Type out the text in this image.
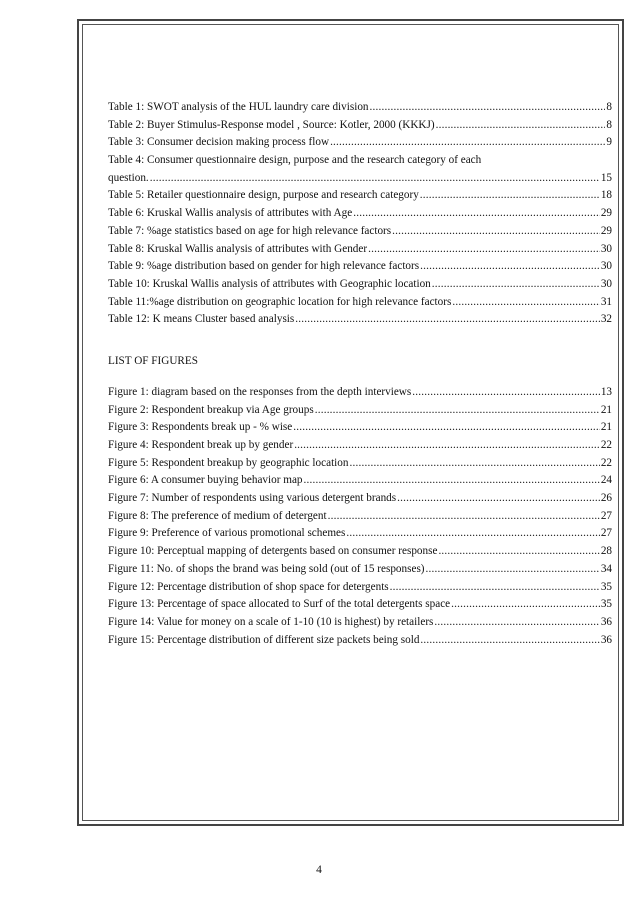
Table 1: SWOT analysis of the HUL laundry care division .....	8
Table 2: Buyer Stimulus-Response model , Source: Kotler, 2000 (KKKJ) .....	8
Table 3: Consumer decision making process flow .....	9
Table 4: Consumer questionnaire design, purpose and the research category of each
question. .....	15
Table 5: Retailer questionnaire design, purpose and research category .....	18
Table 6: Kruskal Wallis analysis of attributes with Age .....	29
Table 7: %age statistics based on age for high relevance factors .....	29
Table 8: Kruskal Wallis analysis of attributes with Gender .....	30
Table 9: %age distribution based on gender for high relevance factors .....	30
Table 10: Kruskal Wallis analysis of attributes with Geographic location .....	30
Table 11:%age distribution on geographic location for high relevance factors .....	31
Table 12: K means Cluster based analysis .....	32
LIST OF FIGURES
Figure 1: diagram based on the responses from the depth interviews .....	13
Figure 2: Respondent breakup via Age groups .....	21
Figure 3: Respondents break up - % wise .....	21
Figure 4: Respondent break up by gender .....	22
Figure 5: Respondent breakup by geographic location .....	22
Figure 6: A consumer buying behavior map .....	24
Figure 7: Number of respondents using various detergent brands .....	26
Figure 8: The preference of medium of detergent .....	27
Figure 9: Preference of various promotional schemes .....	27
Figure 10: Perceptual mapping of detergents based on consumer response .....	28
Figure 11: No. of shops the brand was being sold (out of 15 responses) .....	34
Figure 12: Percentage distribution of shop space for detergents .....	35
Figure 13: Percentage of space allocated to Surf of the total detergents space .....	35
Figure 14: Value for money on a scale of 1-10 (10 is highest) by retailers .....	36
Figure 15: Percentage distribution of different size packets being sold .....	36
4
